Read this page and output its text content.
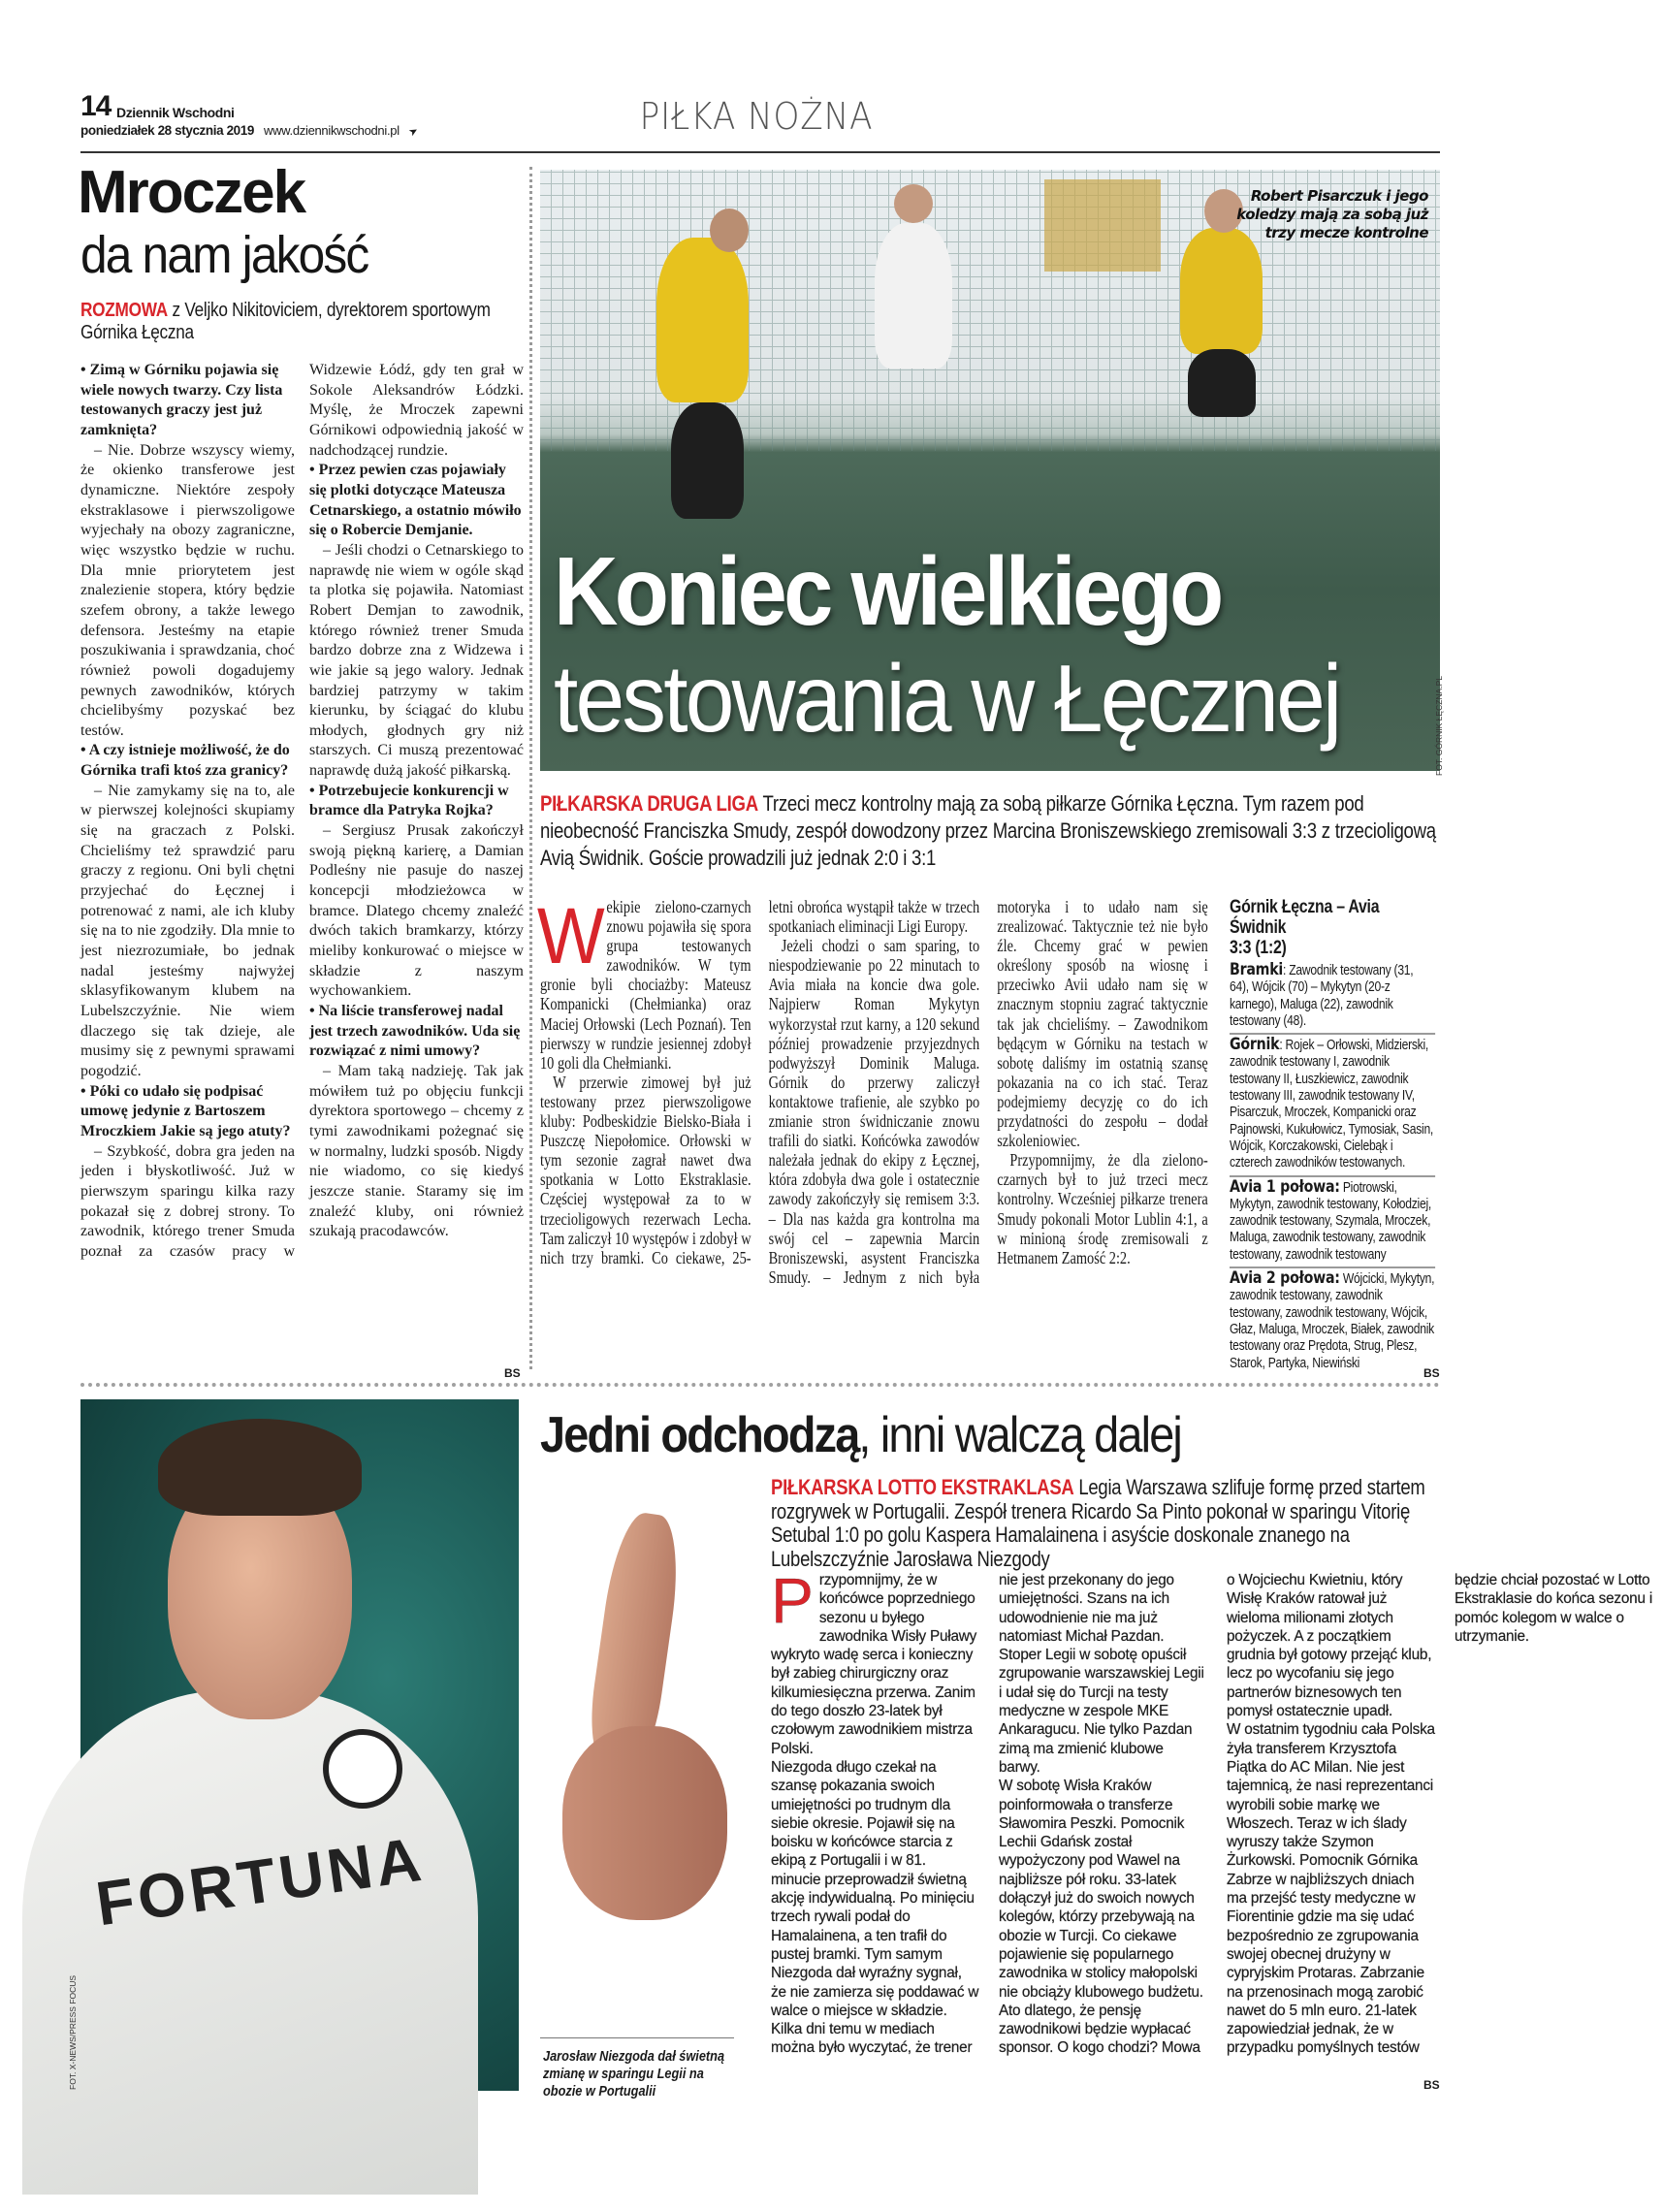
14 Dziennik Wschodni
poniedziałek 28 stycznia 2019 www.dziennikwschodni.pl ➤	PIŁKA NOŻNA
Mroczek
da nam jakość
ROZMOWA z Veljko Nikitoviciem, dyrektorem sportowym Górnika Łęczna

• Zimą w Górniku pojawia się wiele nowych twarzy. Czy lista testowanych graczy jest już zamknięta?

– Nie. Dobrze wszyscy wiemy, że okienko transferowe jest dynamiczne. Niektóre zespoły ekstraklasowe i pierwszoligowe wyjechały na obozy zagraniczne, więc wszystko będzie w ruchu. Dla mnie priorytetem jest znalezienie stopera, który będzie szefem obrony, a także lewego defensora. Jesteśmy na etapie poszukiwania i sprawdzania, choć również powoli dogadujemy pewnych zawodników, których chcielibyśmy pozyskać bez testów.

• A czy istnieje możliwość, że do Górnika trafi ktoś zza granicy?

– Nie zamykamy się na to, ale w pierwszej kolejności skupiamy się na graczach z Polski. Chcieliśmy też sprawdzić paru graczy z regionu. Oni byli chętni przyjechać do Łęcznej i potrenować z nami, ale ich kluby się na to nie zgodziły. Dla mnie to jest niezrozumiałe, bo jednak nadal jesteśmy najwyżej sklasyfikowanym klubem na Lubelszczyźnie. Nie wiem dlaczego się tak dzieje, ale musimy się z pewnymi sprawami pogodzić.

• Póki co udało się podpisać umowę jedynie z Bartoszem Mroczkiem Jakie są jego atuty?

– Szybkość, dobra gra jeden na jeden i błyskotliwość. Już w pierwszym sparingu kilka razy pokazał się z dobrej strony. To zawodnik, którego trener Smuda poznał za czasów pracy w Widzewie Łódź, gdy ten grał w Sokole Aleksandrów Łódzki. Myślę, że Mroczek zapewni Górnikowi odpowiednią jakość w nadchodzącej rundzie.

• Przez pewien czas pojawiały się plotki dotyczące Mateusza Cetnarskiego, a ostatnio mówiło się o Robercie Demjanie.

– Jeśli chodzi o Cetnarskiego to naprawdę nie wiem w ogóle skąd ta plotka się pojawiła. Natomiast Robert Demjan to zawodnik, którego również trener Smuda bardzo dobrze zna z Widzewa i wie jakie są jego walory. Jednak bardziej patrzymy w takim kierunku, by ściągać do klubu młodych, głodnych gry niż starszych. Ci muszą prezentować naprawdę dużą jakość piłkarską.

• Potrzebujecie konkurencji w bramce dla Patryka Rojka?

– Sergiusz Prusak zakończył swoją piękną karierę, a Damian Podleśny nie pasuje do naszej koncepcji młodzieżowca w bramce. Dlatego chcemy znaleźć dwóch takich bramkarzy, którzy mieliby konkurować o miejsce w składzie z naszym wychowankiem.

• Na liście transferowej nadal jest trzech zawodników. Uda się rozwiązać z nimi umowy?

– Mam taką nadzieję. Tak jak mówiłem tuż po objęciu funkcji dyrektora sportowego – chcemy z tymi zawodnikami pożegnać się w normalny, ludzki sposób. Nigdy nie wiadomo, co się kiedyś jeszcze stanie. Staramy się im znaleźć kluby, oni również szukają pracodawców.

BS
Robert Pisarczuk i jego koledzy mają za sobą już trzy mecze kontrolne
Koniec wielkiego
testowania w Łęcznej	FOT. GÓRNIK ŁĘCZNA.PL
PIŁKARSKA DRUGA LIGA Trzeci mecz kontrolny mają za sobą piłkarze Górnika Łęczna. Tym razem pod nieobecność Franciszka Smudy, zespół dowodzony przez Marcina Broniszewskiego zremisowali 3:3 z trzecioligową Avią Świdnik. Goście prowadzili już jednak 2:0 i 3:1

Wekipie zielono-czarnych znowu pojawiła się spora grupa testowanych zawodników. W tym gronie byli chociażby: Mateusz Kompanicki (Chełmianka) oraz Maciej Orłowski (Lech Poznań). Ten pierwszy w rundzie jesiennej zdobył 10 goli dla Chełmianki.

W przerwie zimowej był już testowany przez pierwszoligowe kluby: Podbeskidzie Bielsko-Biała i Puszczę Niepołomice. Orłowski w tym sezonie zagrał nawet dwa spotkania w Lotto Ekstraklasie. Częściej występował za to w trzecioligowych rezerwach Lecha. Tam zaliczył 10 występów i zdobył w nich trzy bramki. Co ciekawe, 25-letni obrońca wystąpił także w trzech spotkaniach eliminacji Ligi Europy.

Jeżeli chodzi o sam sparing, to niespodziewanie po 22 minutach to Avia miała na koncie dwa gole. Najpierw Roman Mykytyn wykorzystał rzut karny, a 120 sekund później prowadzenie przyjezdnych podwyższył Dominik Maluga. Górnik do przerwy zaliczył kontaktowe trafienie, ale szybko po zmianie stron świdniczanie znowu trafili do siatki. Końcówka zawodów należała jednak do ekipy z Łęcznej, która zdobyła dwa gole i ostatecznie zawody zakończyły się remisem 3:3. – Dla nas każda gra kontrolna ma swój cel – zapewnia Marcin Broniszewski, asystent Franciszka Smudy. – Jednym z nich była motoryka i to udało nam się zrealizować. Taktycznie też nie było źle. Chcemy grać w pewien określony sposób na wiosnę i przeciwko Avii udało nam się w znacznym stopniu zagrać taktycznie tak jak chcieliśmy. – Zawodnikom będącym w Górniku na testach w sobotę daliśmy im ostatnią szansę pokazania na co ich stać. Teraz podejmiemy decyzję co do ich przydatności do zespołu – dodał szkoleniowiec.

Przypomnijmy, że dla zielono-czarnych był to już trzeci mecz kontrolny. Wcześniej piłkarze trenera Smudy pokonali Motor Lublin 4:1, a w minioną środę zremisowali z Hetmanem Zamość 2:2.

Górnik Łęczna – Avia Świdnik
3:3 (1:2)
Bramki: Zawodnik testowany (31, 64), Wójcik (70) – Mykytyn (20-z karnego), Maluga (22), zawodnik testowany (48).
Górnik: Rojek – Orłowski, Midzierski, zawodnik testowany I, zawodnik testowany II, Łuszkiewicz, zawodnik testowany III, zawodnik testowany IV, Pisarczuk, Mroczek, Kompanicki oraz Pajnowski, Kukułowicz, Tymosiak, Sasin, Wójcik, Korczakowski, Cielebąk i czterech zawodników testowanych.
Avia 1 połowa: Piotrowski, Mykytyn, zawodnik testowany, Kołodziej, zawodnik testowany, Szymala, Mroczek, Maluga, zawodnik testowany, zawodnik testowany, zawodnik testowany
Avia 2 połowa: Wójcicki, Mykytyn, zawodnik testowany, zawodnik testowany, zawodnik testowany, Wójcik, Głaz, Maluga, Mroczek, Białek, zawodnik testowany oraz Prędota, Strug, Plesz, Starok, Partyka, Niewiński
BS
FORTUNA
FOT. X-NEWS/PRESS FOCUS	Jarosław Niezgoda dał świetną zmianę w sparingu Legii na obozie w Portugalii
Jedni odchodzą, inni walczą dalej
PIŁKARSKA LOTTO EKSTRAKLASA Legia Warszawa szlifuje formę przed startem rozgrywek w Portugalii. Zespół trenera Ricardo Sa Pinto pokonał w sparingu Vitorię Setubal 1:0 po golu Kaspera Hamalainena i asyście doskonale znanego na Lubelszczyźnie Jarosława Niezgody

Przypomnijmy, że w końcówce poprzedniego sezonu u byłego zawodnika Wisły Puławy wykryto wadę serca i konieczny był zabieg chirurgiczny oraz kilkumiesięczna przerwa. Zanim do tego doszło 23-latek był czołowym zawodnikiem mistrza Polski.

Niezgoda długo czekał na szansę pokazania swoich umiejętności po trudnym dla siebie okresie. Pojawił się na boisku w końcówce starcia z ekipą z Portugalii i w 81. minucie przeprowadził świetną akcję indywidualną. Po minięciu trzech rywali podał do Hamalainena, a ten trafił do pustej bramki. Tym samym Niezgoda dał wyraźny sygnał, że nie zamierza się poddawać w walce o miejsce w składzie. Kilka dni temu w mediach można było wyczytać, że trener nie jest przekonany do jego umiejętności. Szans na ich udowodnienie nie ma już natomiast Michał Pazdan. Stoper Legii w sobotę opuścił zgrupowanie warszawskiej Legii i udał się do Turcji na testy medyczne w zespole MKE Ankaragucu. Nie tylko Pazdan zimą ma zmienić klubowe barwy.

W sobotę Wisła Kraków poinformowała o transferze Sławomira Peszki. Pomocnik Lechii Gdańsk został wypożyczony pod Wawel na najbliższe pół roku. 33-latek dołączył już do swoich nowych kolegów, którzy przebywają na obozie w Turcji. Co ciekawe pojawienie się popularnego zawodnika w stolicy małopolski nie obciąży klubowego budżetu. Ato dlatego, że pensję zawodnikowi będzie wypłacać sponsor. O kogo chodzi? Mowa o Wojciechu Kwietniu, który Wisłę Kraków ratował już wieloma milionami złotych pożyczek. A z początkiem grudnia był gotowy przejąć klub, lecz po wycofaniu się jego partnerów biznesowych ten pomysł ostatecznie upadł.

W ostatnim tygodniu cała Polska żyła transferem Krzysztofa Piątka do AC Milan. Nie jest tajemnicą, że nasi reprezentanci wyrobili sobie markę we Włoszech. Teraz w ich ślady wyruszy także Szymon Żurkowski. Pomocnik Górnika Zabrze w najbliższych dniach ma przejść testy medyczne w Fiorentinie gdzie ma się udać bezpośrednio ze zgrupowania swojej obecnej drużyny w cypryjskim Protaras. Zabrzanie na przenosinach mogą zarobić nawet do 5 mln euro. 21-latek zapowiedział jednak, że w przypadku pomyślnych testów będzie chciał pozostać w Lotto Ekstraklasie do końca sezonu i pomóc kolegom w walce o utrzymanie.

BS
